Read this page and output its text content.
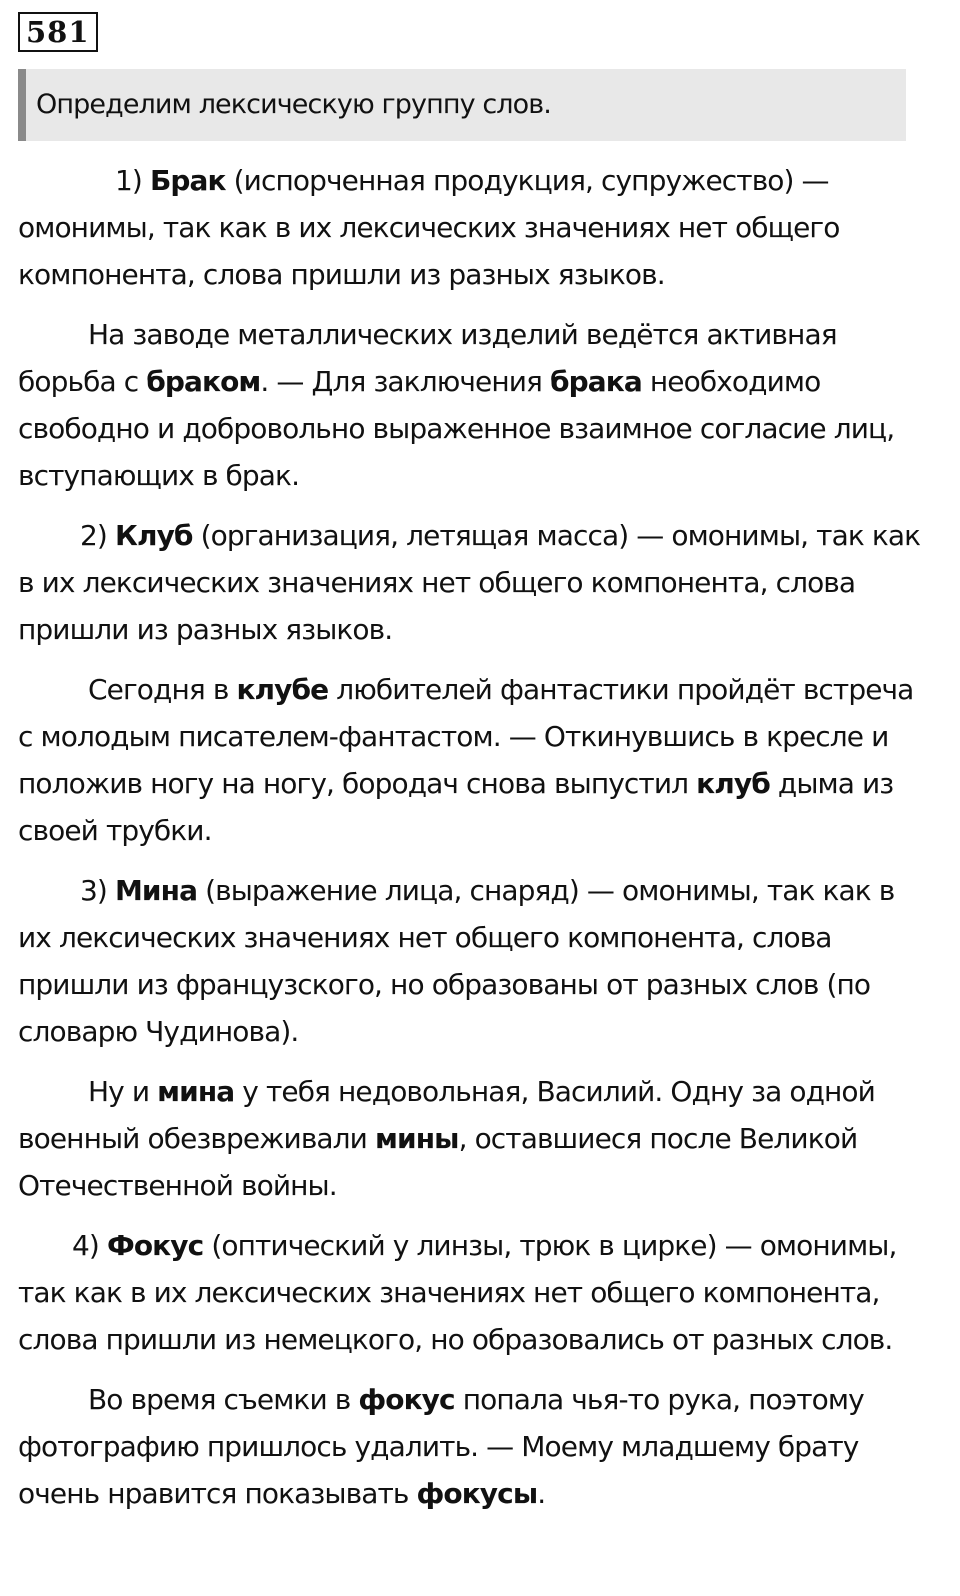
581
Определим лексическую группу слов.

1) Брак (испорченная продукция, супружество) — омонимы, так как в их лексических значениях нет общего компонента, слова пришли из разных языков.

На заводе металлических изделий ведётся активная борьба с браком. — Для заключения брака необходимо свободно и добровольно выраженное взаимное согласие лиц, вступающих в брак.

2) Клуб (организация, летящая масса) — омонимы, так как в их лексических значениях нет общего компонента, слова пришли из разных языков.

Сегодня в клубе любителей фантастики пройдёт встреча с молодым писателем-фантастом. — Откинувшись в кресле и положив ногу на ногу, бородач снова выпустил клуб дыма из своей трубки.

3) Мина (выражение лица, снаряд) — омонимы, так как в их лексических значениях нет общего компонента, слова пришли из французского, но образованы от разных слов (по словарю Чудинова).

Ну и мина у тебя недовольная, Василий. Одну за одной военный обезвреживали мины, оставшиеся после Великой Отечественной войны.

4) Фокус (оптический у линзы, трюк в цирке) — омонимы, так как в их лексических значениях нет общего компонента, слова пришли из немецкого, но образовались от разных слов.

Во время съемки в фокус попала чья-то рука, поэтому фотографию пришлось удалить. — Моему младшему брату очень нравится показывать фокусы.
